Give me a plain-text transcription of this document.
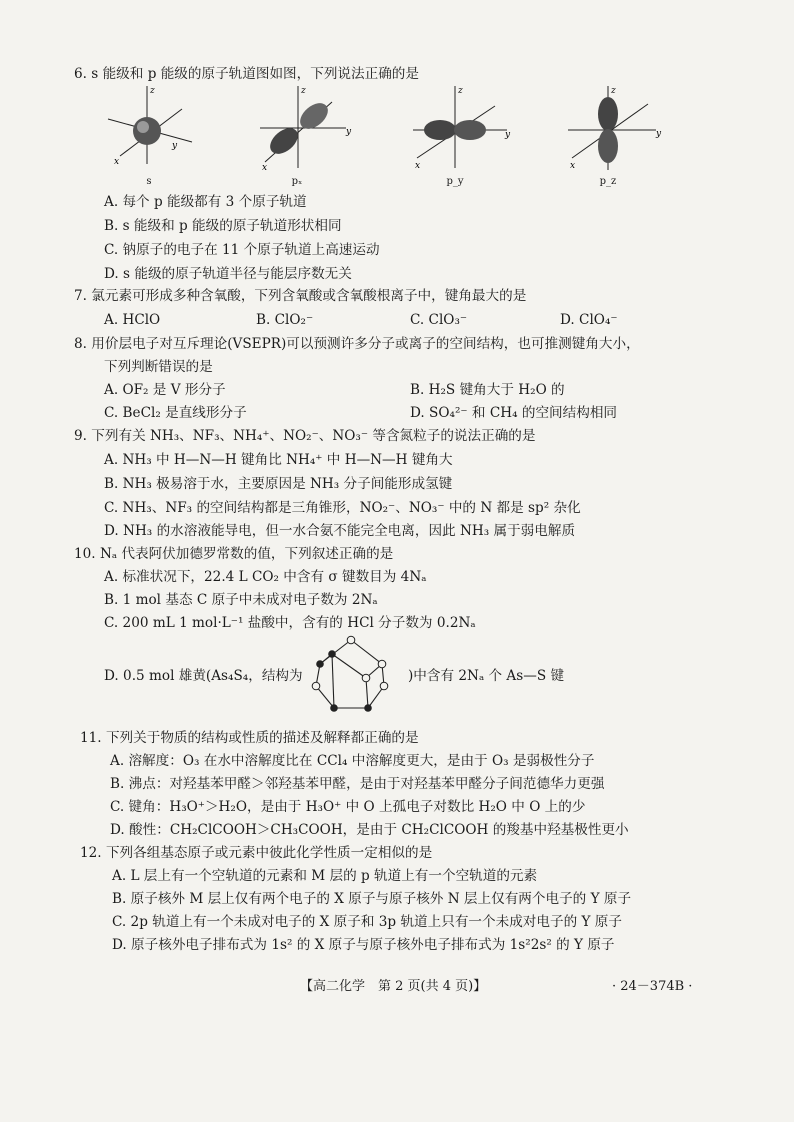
6. s 能级和 p 能级的原子轨道图如图，下列说法正确的是
z
y
x
s
z
y
x
pₓ
z
y
x
p_y
z
y
x
p_z
A. 每个 p 能级都有 3 个原子轨道
B. s 能级和 p 能级的原子轨道形状相同
C. 钠原子的电子在 11 个原子轨道上高速运动
D. s 能级的原子轨道半径与能层序数无关
7. 氯元素可形成多种含氧酸，下列含氧酸或含氧酸根离子中，键角最大的是
A. HClO	B. ClO₂⁻	C. ClO₃⁻	D. ClO₄⁻
8. 用价层电子对互斥理论(VSEPR)可以预测许多分子或离子的空间结构，也可推测键角大小，
下列判断错误的是
A. OF₂ 是 V 形分子	B. H₂S 键角大于 H₂O 的
C. BeCl₂ 是直线形分子	D. SO₄²⁻ 和 CH₄ 的空间结构相同
9. 下列有关 NH₃、NF₃、NH₄⁺、NO₂⁻、NO₃⁻ 等含氮粒子的说法正确的是
A. NH₃ 中 H—N—H 键角比 NH₄⁺ 中 H—N—H 键角大
B. NH₃ 极易溶于水，主要原因是 NH₃ 分子间能形成氢键
C. NH₃、NF₃ 的空间结构都是三角锥形，NO₂⁻、NO₃⁻ 中的 N 都是 sp² 杂化
D. NH₃ 的水溶液能导电，但一水合氨不能完全电离，因此 NH₃ 属于弱电解质
10. Nₐ 代表阿伏加德罗常数的值，下列叙述正确的是
A. 标准状况下，22.4 L CO₂ 中含有 σ 键数目为 4Nₐ
B. 1 mol 基态 C 原子中未成对电子数为 2Nₐ
C. 200 mL 1 mol·L⁻¹ 盐酸中，含有的 HCl 分子数为 0.2Nₐ
D. 0.5 mol 雄黄(As₄S₄，结构为	)中含有 2Nₐ 个 As—S 键
11. 下列关于物质的结构或性质的描述及解释都正确的是
A. 溶解度：O₃ 在水中溶解度比在 CCl₄ 中溶解度更大，是由于 O₃ 是弱极性分子
B. 沸点：对羟基苯甲醛＞邻羟基苯甲醛，是由于对羟基苯甲醛分子间范德华力更强
C. 键角：H₃O⁺＞H₂O，是由于 H₃O⁺ 中 O 上孤电子对数比 H₂O 中 O 上的少
D. 酸性：CH₂ClCOOH＞CH₃COOH，是由于 CH₂ClCOOH 的羧基中羟基极性更小
12. 下列各组基态原子或元素中彼此化学性质一定相似的是
A. L 层上有一个空轨道的元素和 M 层的 p 轨道上有一个空轨道的元素
B. 原子核外 M 层上仅有两个电子的 X 原子与原子核外 N 层上仅有两个电子的 Y 原子
C. 2p 轨道上有一个未成对电子的 X 原子和 3p 轨道上只有一个未成对电子的 Y 原子
D. 原子核外电子排布式为 1s² 的 X 原子与原子核外电子排布式为 1s²2s² 的 Y 原子
【高二化学　第 2 页(共 4 页)】	· 24－374B ·
